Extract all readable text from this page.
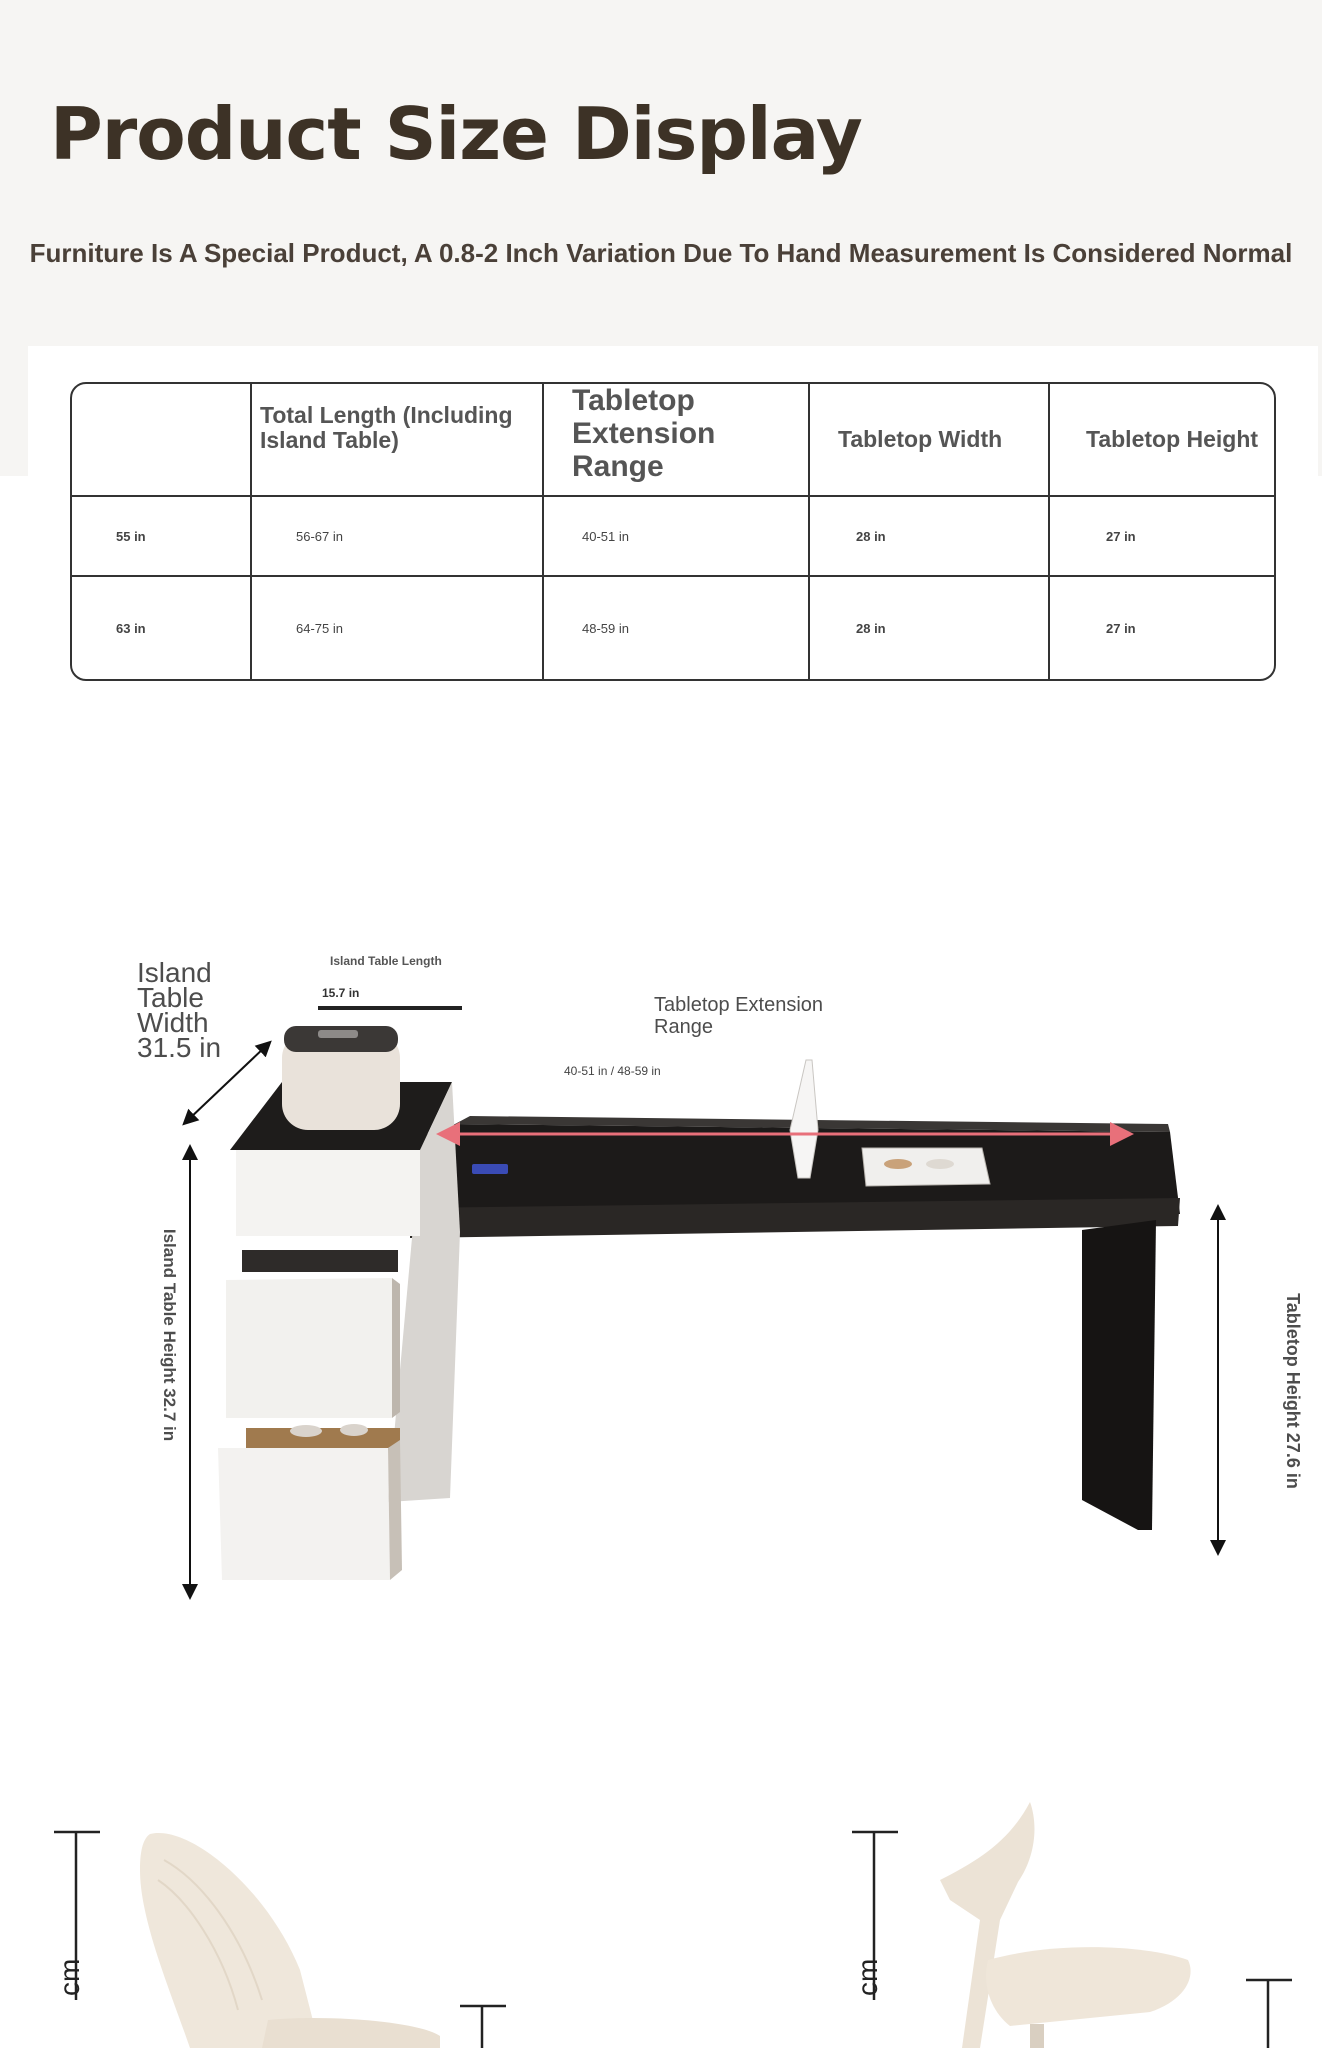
Product Size Display
Furniture Is A Special Product, A 0.8-2 Inch Variation Due To Hand Measurement Is Considered Normal
	Total Length (Including Island Table)	Tabletop Extension Range	Tabletop Width	Tabletop Height
55 in	56-67 in	40-51 in	28 in	27 in
63 in	64-75 in	48-59 in	28 in	27 in
Island Table Width 31.5 in
Island Table Length
15.7 in
Tabletop Extension Range
40-51 in / 48-59 in
Island Table Height 32.7 in	Tabletop Height 27.6 in
cm	cm
